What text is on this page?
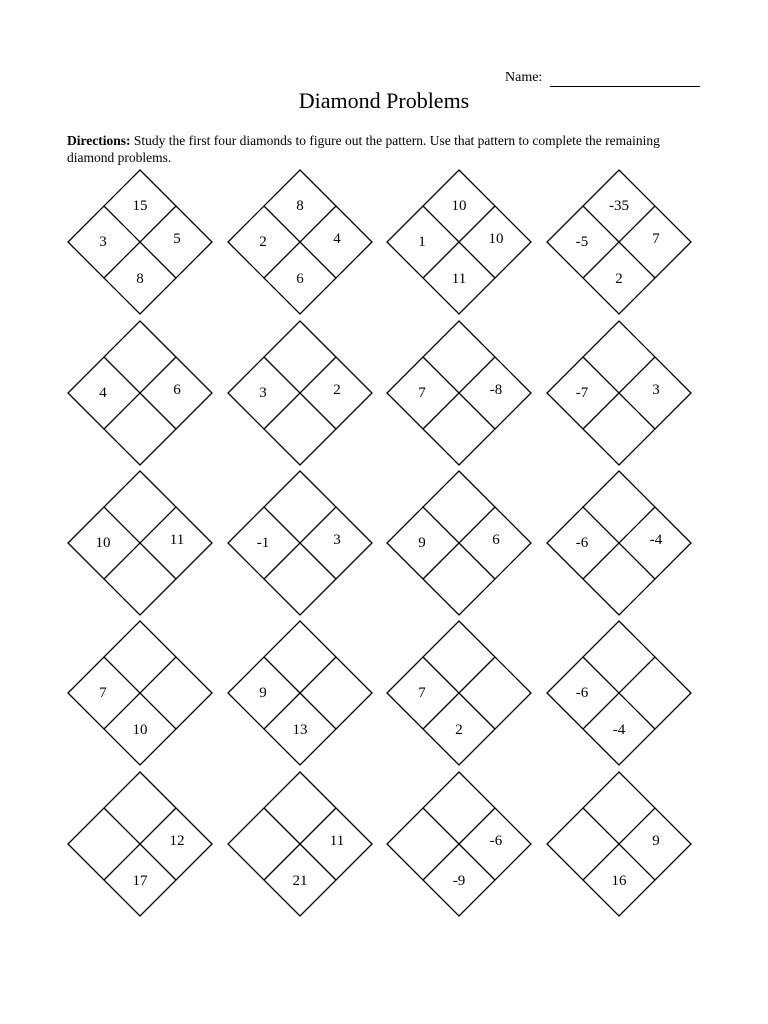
Name:
Diamond Problems
Directions: Study the first four diamonds to figure out the pattern. Use that pattern to complete the remaining diamond problems.
15
3	5
8
8
2	4
6
10
1	10
11
-35
-5	7
2
4	6	3	2	7	-8	-7	3
10	11	-1	3	9	6	-6	-4
7
10
9
13
7
2
-6
-4
12
17
11
21
-6
-9
9
16
